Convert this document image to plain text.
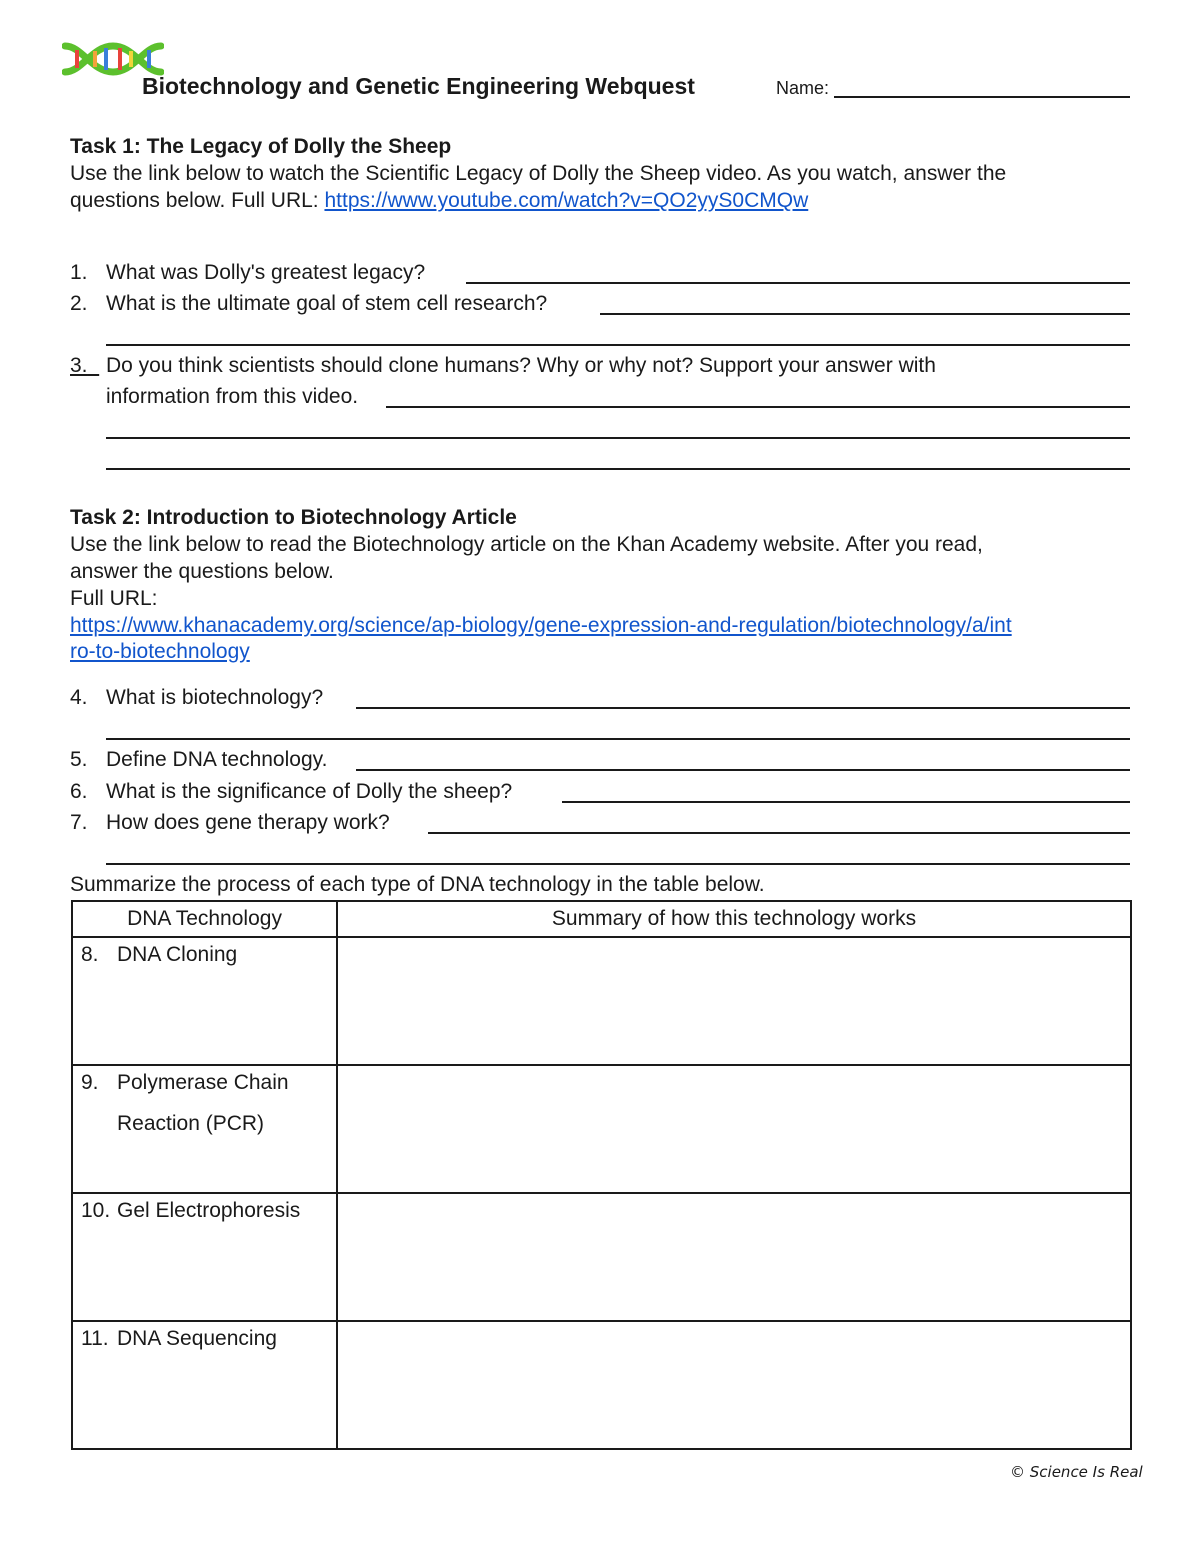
Biotechnology and Genetic Engineering Webquest	Name:
Task 1: The Legacy of Dolly the Sheep
Use the link below to watch the Scientific Legacy of Dolly the Sheep video. As you watch, answer the
questions below. Full URL: https://www.youtube.com/watch?v=QO2yyS0CMQw
1. What was Dolly's greatest legacy?
2. What is the ultimate goal of stem cell research?
3. Do you think scientists should clone humans? Why or why not? Support your answer with
information from this video.
Task 2: Introduction to Biotechnology Article
Use the link below to read the Biotechnology article on the Khan Academy website. After you read,
answer the questions below.
Full URL:
https://www.khanacademy.org/science/ap-biology/gene-expression-and-regulation/biotechnology/a/int
ro-to-biotechnology
4. What is biotechnology?
5. Define DNA technology.
6. What is the significance of Dolly the sheep?
7. How does gene therapy work?
Summarize the process of each type of DNA technology in the table below.
DNA Technology	Summary of how this technology works

8. DNA Cloning	

9. Polymerase Chain
Reaction (PCR)	

10. Gel Electrophoresis	

11. DNA Sequencing	

© Science Is Real
